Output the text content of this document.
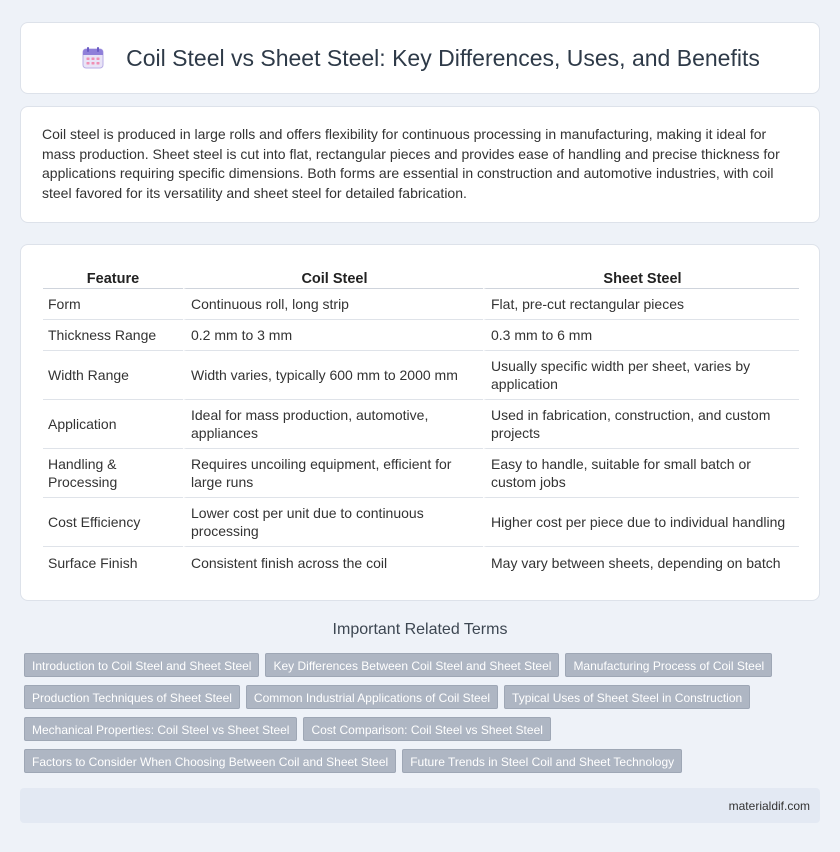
Coil Steel vs Sheet Steel: Key Differences, Uses, and Benefits

Coil steel is produced in large rolls and offers flexibility for continuous processing in manufacturing, making it ideal for mass production. Sheet steel is cut into flat, rectangular pieces and provides ease of handling and precise thickness for applications requiring specific dimensions. Both forms are essential in construction and automotive industries, with coil steel favored for its versatility and sheet steel for detailed fabrication.

Feature	Coil Steel	Sheet Steel
Form	Continuous roll, long strip	Flat, pre-cut rectangular pieces
Thickness Range	0.2 mm to 3 mm	0.3 mm to 6 mm
Width Range	Width varies, typically 600 mm to 2000 mm	Usually specific width per sheet, varies by application
Application	Ideal for mass production, automotive, appliances	Used in fabrication, construction, and custom projects
Handling & Processing	Requires uncoiling equipment, efficient for large runs	Easy to handle, suitable for small batch or custom jobs
Cost Efficiency	Lower cost per unit due to continuous processing	Higher cost per piece due to individual handling
Surface Finish	Consistent finish across the coil	May vary between sheets, depending on batch
Important Related Terms
Introduction to Coil Steel and Sheet Steel	Key Differences Between Coil Steel and Sheet Steel	Manufacturing Process of Coil Steel
Production Techniques of Sheet Steel	Common Industrial Applications of Coil Steel	Typical Uses of Sheet Steel in Construction
Mechanical Properties: Coil Steel vs Sheet Steel	Cost Comparison: Coil Steel vs Sheet Steel
Factors to Consider When Choosing Between Coil and Sheet Steel	Future Trends in Steel Coil and Sheet Technology
materialdif.com
